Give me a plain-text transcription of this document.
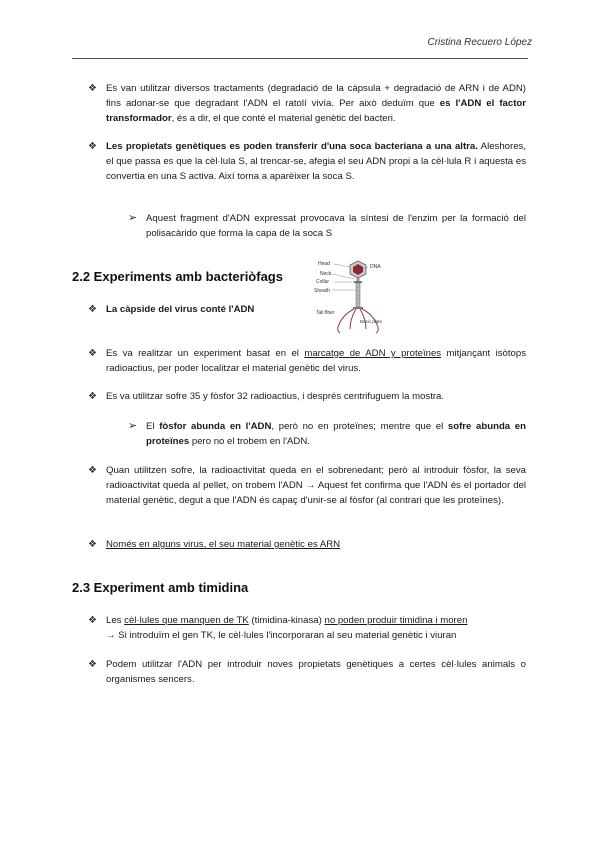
Cristina Recuero López
❖ Es van utilitzar diversos tractaments (degradació de la càpsula + degradació de ARN i de ADN) fins adonar-se que degradant l'ADN el ratolí vivía. Per això deduïm que es l'ADN el factor transformador, és a dir, el que conté el material genètic del bacteri.

❖ Les propietats genètiques es poden transferir d'una soca bacteriana a una altra. Aleshores, el que passa es que la cèl·lula S, al trencar-se, afegia el seu ADN propi a la cèl·lula R i aquesta es convertia en una S activa. Així torna a aparèixer la soca S.

➢ Aquest fragment d'ADN expressat provocava la síntesi de l'enzim per la formació del polisacàrido que forma la capa de la soca S

2.2 Experiments amb bacteriòfags
Head
Neck
Collar
Sheath
Tail fiber
DNA
Basic plate
❖ La càpside del virus conté l'ADN

❖ Es va realitzar un experiment basat en el marcatge de ADN y proteïnes mitjançant isòtops radioactius, per poder localitzar el material genètic del virus.

❖ Es va utilitzar sofre 35 y fòsfor 32 radioactius, i després centrifuguem la mostra.

➢ El fòsfor abunda en l'ADN, però no en proteïnes; mentre que el sofre abunda en proteïnes pero no el trobem en l'ADN.

❖ Quan utilitzen sofre, la radioactivitat queda en el sobrenedant; però al introduir fòsfor, la seva radioactivitat queda al pellet, on trobem l'ADN → Aquest fet confirma que l'ADN és el portador del material genètic, degut a que l'ADN és capaç d'unir-se al fòsfor (al contrari que les proteïnes).

❖ Només en alguns virus, el seu material genètic es ARN

2.3 Experiment amb timidina
❖ Les cèl·lules que manquen de TK (timidina-kinasa) no poden produir timidina i moren
→ Si introduïm el gen TK, le cèl·lules l'incorporaran al seu material genètic i viuran

❖ Podem utilitzar l'ADN per introduir noves propietats genètiques a certes cèl·lules animals o organismes sencers.
